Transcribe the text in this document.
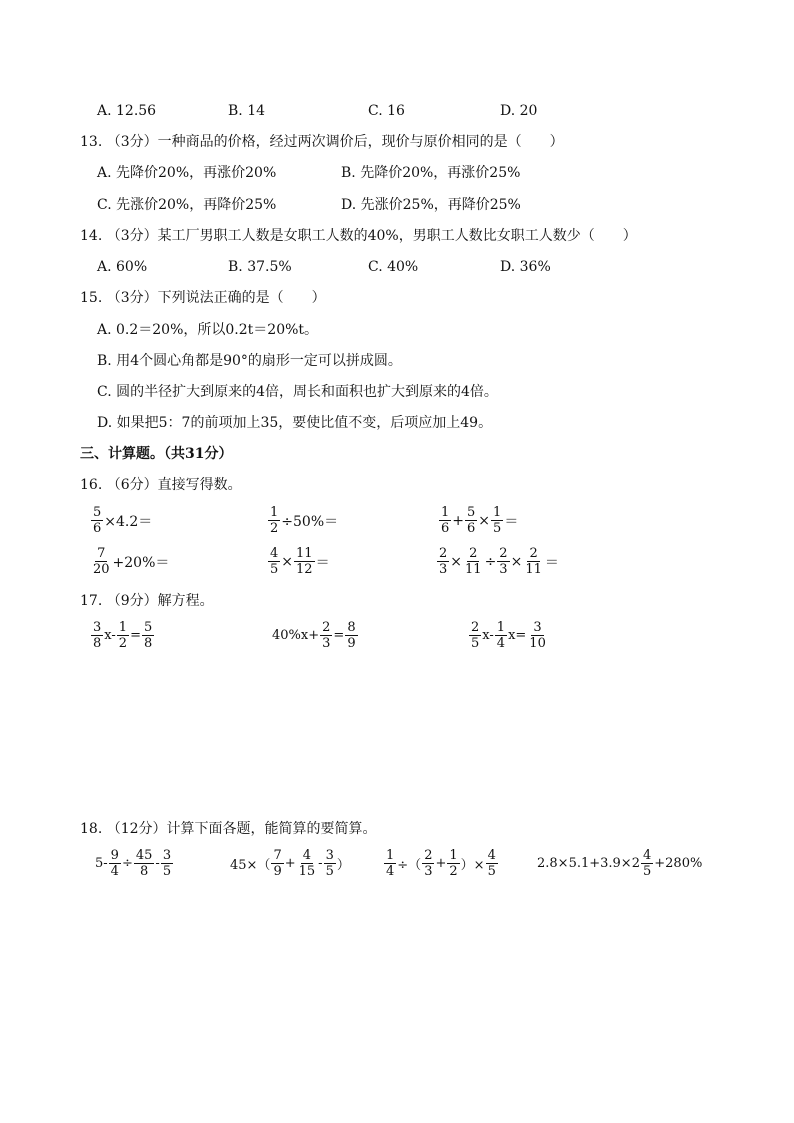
A. 12.56	B. 14	C. 16	D. 20
13. （3分）一种商品的价格，经过两次调价后，现价与原价相同的是（　　）
A. 先降价20%，再涨价20%	B. 先降价20%，再涨价25%
C. 先涨价20%，再降价25%	D. 先涨价25%，再降价25%
14. （3分）某工厂男职工人数是女职工人数的40%，男职工人数比女职工人数少（　　）
A. 60%	B. 37.5%	C. 40%	D. 36%
15. （3分）下列说法正确的是（　　）
A. 0.2＝20%，所以0.2t＝20%t。
B. 用4个圆心角都是90°的扇形一定可以拼成圆。
C. 圆的半径扩大到原来的4倍，周长和面积也扩大到原来的4倍。
D. 如果把5：7的前项加上35，要使比值不变，后项应加上49。
三、计算题。（共31分）
16. （6分）直接写得数。
$\frac{5}{6} \times 4.2=$	$\frac{1}{2} \div 50\%=$	$\frac{1}{6} + \frac{5}{6} \times \frac{1}{5}$ ＝
$\frac{7}{20} +20\%=$	$\frac{4}{5} \times \frac{11}{12}$ ＝	$\frac{2}{3} \times \frac{2}{11} \div \frac{2}{3} \times \frac{2}{11}$ ＝
17. （9分）解方程。
$\frac{3}{8} x- \frac{1}{2} = \frac{5}{8}$	$40\%x+ \frac{2}{3} = \frac{8}{9}$	$\frac{2}{5} x- \frac{1}{4} x= \frac{3}{10}$
18. （12分）计算下面各题，能简算的要简算。
$5- \frac{9}{4} \div \frac{45}{8} - \frac{3}{5}$	$45\times( \frac{7}{9} + \frac{4}{15} - \frac{3}{5}$ ）	$\frac{1}{4}$ ÷（ $\frac{2}{3} + \frac{1}{2}$ ）× $\frac{4}{5}$	$2.8\times 5.1+3.9\times 2 \frac{4}{5} +280\%$
